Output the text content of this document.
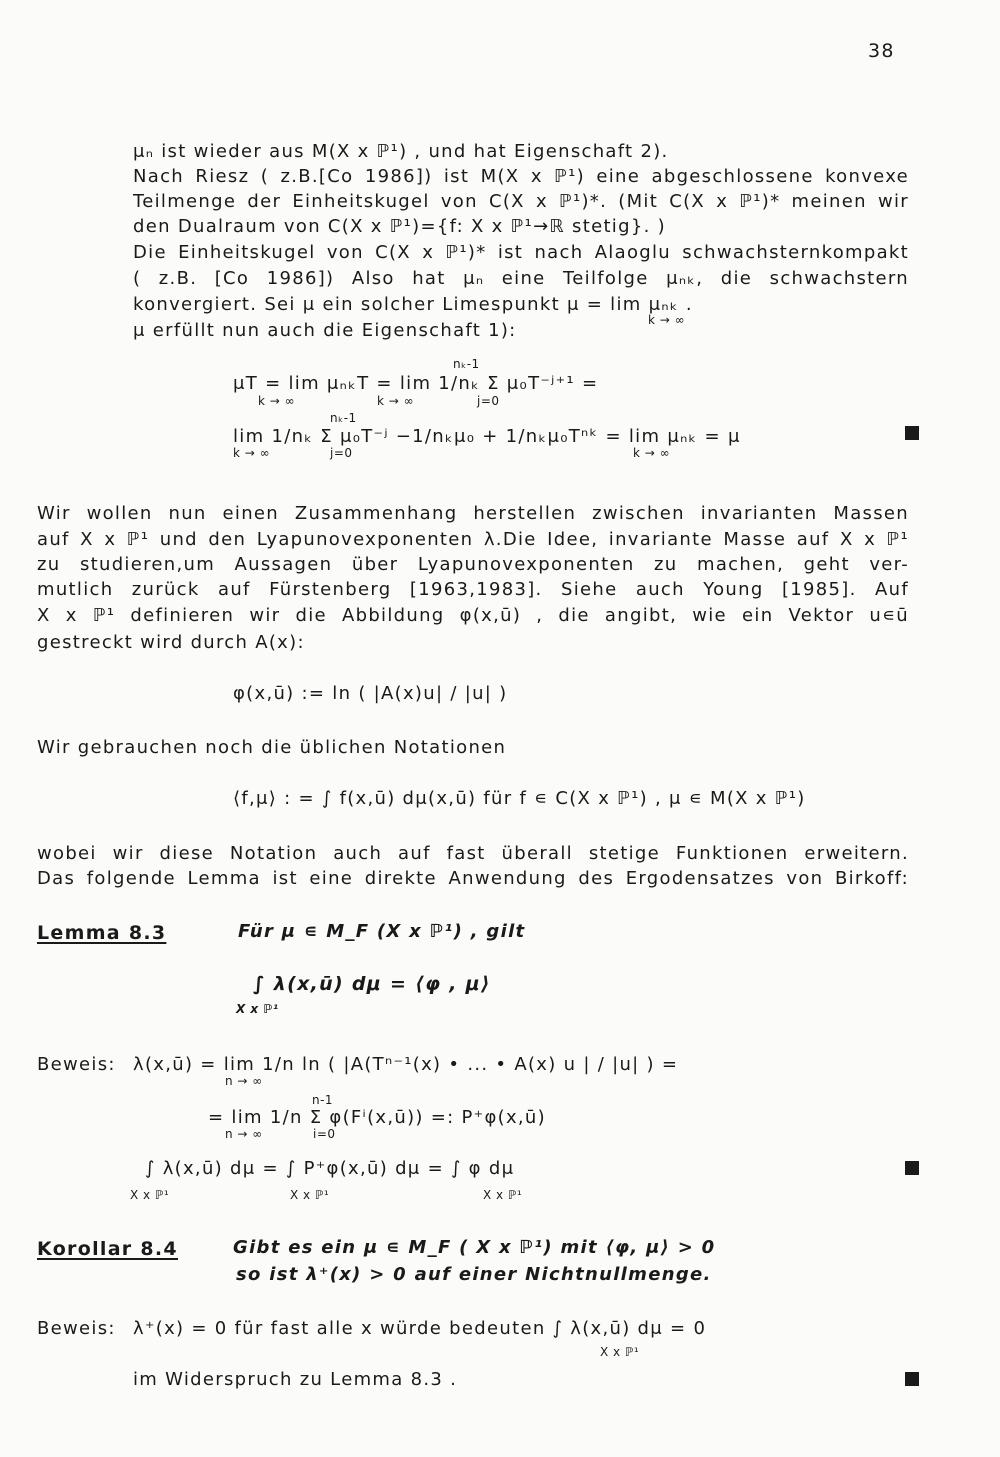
38
μₙ ist wieder aus M(X x ℙ¹) , und hat Eigenschaft 2).
Nach Riesz ( z.B.[Co 1986]) ist M(X x ℙ¹) eine abgeschlossene konvexe
Teilmenge der Einheitskugel von C(X x ℙ¹)*. (Mit C(X x ℙ¹)* meinen wir
den Dualraum von C(X x ℙ¹)={f: X x ℙ¹→ℝ stetig}. )
Die Einheitskugel von C(X x ℙ¹)* ist nach Alaoglu schwachsternkompakt
( z.B. [Co 1986]) Also hat μₙ eine Teilfolge μₙₖ, die schwachstern
konvergiert. Sei μ ein solcher Limespunkt μ = lim μₙₖ .
k → ∞
μ erfüllt nun auch die Eigenschaft 1):
nₖ-1
μT = lim μₙₖT = lim 1/nₖ Σ μ₀T⁻ʲ⁺¹ =
k → ∞	k → ∞	j=0
nₖ-1
lim 1/nₖ Σ μ₀T⁻ʲ −1/nₖμ₀ + 1/nₖμ₀Tⁿᵏ = lim μₙₖ = μ
k → ∞	j=0	k → ∞
Wir wollen nun einen Zusammenhang herstellen zwischen invarianten Massen
auf X x ℙ¹ und den Lyapunovexponenten λ.Die Idee, invariante Masse auf X x ℙ¹
zu studieren,um Aussagen über Lyapunovexponenten zu machen, geht ver-
mutlich zurück auf Fürstenberg [1963,1983]. Siehe auch Young [1985]. Auf
X x ℙ¹ definieren wir die Abbildung φ(x,ū) , die angibt, wie ein Vektor u∊ū
gestreckt wird durch A(x):
φ(x,ū) := ln ( |A(x)u| / |u| )
Wir gebrauchen noch die üblichen Notationen
⟨f,μ⟩ : = ∫ f(x,ū) dμ(x,ū) für f ∊ C(X x ℙ¹) , μ ∊ M(X x ℙ¹)
wobei wir diese Notation auch auf fast überall stetige Funktionen erweitern.
Das folgende Lemma ist eine direkte Anwendung des Ergodensatzes von Birkoff:
Lemma 8.3	Für μ ∊ M_F (X x ℙ¹) , gilt
∫ λ(x,ū) dμ = ⟨φ , μ⟩
X x ℙ¹
Beweis: λ(x,ū) = lim 1/n ln ( |A(Tⁿ⁻¹(x) • ... • A(x) u | / |u| ) =
n → ∞
n-1
= lim 1/n Σ φ(Fⁱ(x,ū)) =: P⁺φ(x,ū)
n → ∞	i=0
∫ λ(x,ū) dμ = ∫ P⁺φ(x,ū) dμ = ∫ φ dμ
X x ℙ¹	X x ℙ¹	X x ℙ¹
Korollar 8.4	Gibt es ein μ ∊ M_F ( X x ℙ¹) mit ⟨φ, μ⟩ > 0
so ist λ⁺(x) > 0 auf einer Nichtnullmenge.
Beweis: λ⁺(x) = 0 für fast alle x würde bedeuten ∫ λ(x,ū) dμ = 0
X x ℙ¹
im Widerspruch zu Lemma 8.3 .
